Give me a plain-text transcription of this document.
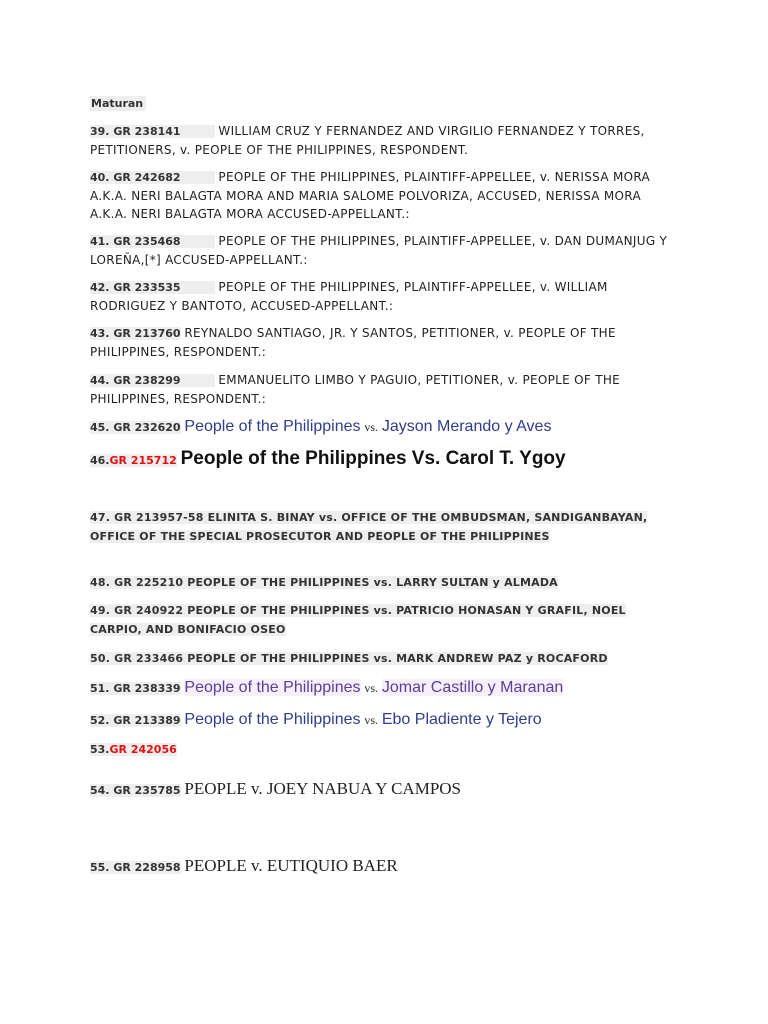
Maturan
39. GR 238141	WILLIAM CRUZ Y FERNANDEZ AND VIRGILIO FERNANDEZ Y TORRES, PETITIONERS, v. PEOPLE OF THE PHILIPPINES, RESPONDENT.
40. GR 242682	PEOPLE OF THE PHILIPPINES, PLAINTIFF-APPELLEE, v. NERISSA MORA A.K.A. NERI BALAGTA MORA AND MARIA SALOME POLVORIZA, ACCUSED, NERISSA MORA A.K.A. NERI BALAGTA MORA ACCUSED-APPELLANT.:
41. GR 235468	PEOPLE OF THE PHILIPPINES, PLAINTIFF-APPELLEE, v. DAN DUMANJUG Y LOREÑA,[*] ACCUSED-APPELLANT.:
42. GR 233535	PEOPLE OF THE PHILIPPINES, PLAINTIFF-APPELLEE, v. WILLIAM RODRIGUEZ Y BANTOTO, ACCUSED-APPELLANT.:
43. GR 213760 REYNALDO SANTIAGO, JR. Y SANTOS, PETITIONER, v. PEOPLE OF THE PHILIPPINES, RESPONDENT.:
44. GR 238299	EMMANUELITO LIMBO Y PAGUIO, PETITIONER, v. PEOPLE OF THE PHILIPPINES, RESPONDENT.:
45. GR 232620 People of the Philippines vs. Jayson Merando y Aves
46.GR 215712 People of the Philippines Vs. Carol T. Ygoy
47. GR 213957-58 ELINITA S. BINAY vs. OFFICE OF THE OMBUDSMAN, SANDIGANBAYAN, OFFICE OF THE SPECIAL PROSECUTOR AND PEOPLE OF THE PHILIPPINES
48. GR 225210 PEOPLE OF THE PHILIPPINES vs. LARRY SULTAN y ALMADA
49. GR 240922 PEOPLE OF THE PHILIPPINES vs. PATRICIO HONASAN Y GRAFIL, NOEL CARPIO, AND BONIFACIO OSEO
50. GR 233466 PEOPLE OF THE PHILIPPINES vs. MARK ANDREW PAZ y ROCAFORD
51. GR 238339 People of the Philippines vs. Jomar Castillo y Maranan
52. GR 213389 People of the Philippines vs. Ebo Pladiente y Tejero
53.GR 242056
54. GR 235785 PEOPLE v. JOEY NABUA Y CAMPOS
55. GR 228958 PEOPLE v. EUTIQUIO BAER
